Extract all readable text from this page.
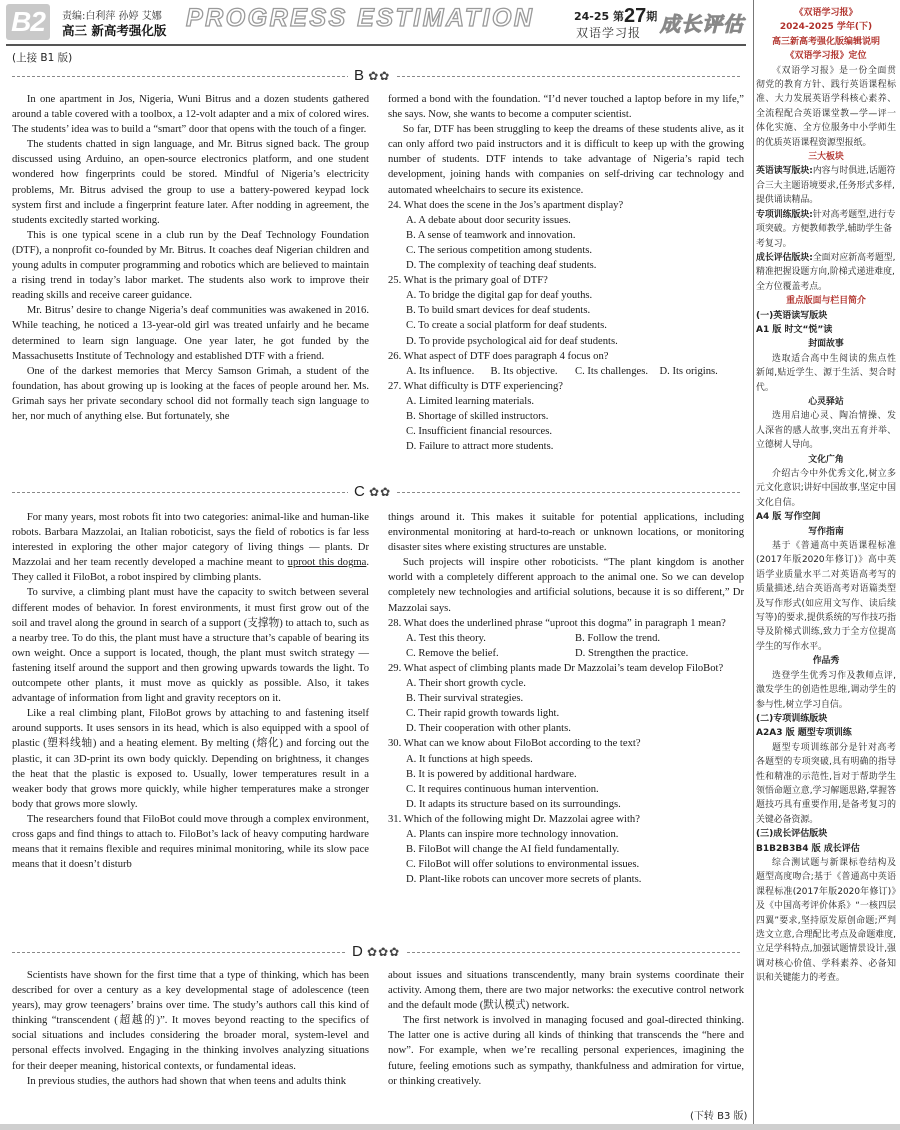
B2	责编:白利萍 孙婷 艾娜
高三 新高考强化版 PROGRESS ESTIMATION	24-25 第27期
双语学习报 成长评估
(上接 B1 版)
B ✿✿

In one apartment in Jos, Nigeria, Wuni Bitrus and a dozen students gathered around a table covered with a toolbox, a 12-volt adapter and a mix of colored wires. The students’ idea was to build a “smart” door that opens with the touch of a finger.

The students chatted in sign language, and Mr. Bitrus signed back. The group discussed using Arduino, an open-source electronics platform, and one student wondered how fingerprints could be stored. Mindful of Nigeria’s electricity problems, Mr. Bitrus advised the group to use a battery-powered keypad lock system first and include a fingerprint feature later. After nodding in agreement, the students excitedly started working.

This is one typical scene in a club run by the Deaf Technology Foundation (DTF), a nonprofit co-founded by Mr. Bitrus. It coaches deaf Nigerian children and young adults in computer programming and robotics which are believed to maintain a rising trend in today’s labor market. The students also work to improve their reading skills and receive career guidance.

Mr. Bitrus’ desire to change Nigeria’s deaf communities was awakened in 2016. While teaching, he noticed a 13-year-old girl was treated unfairly and he became determined to learn sign language. One year later, he got funded by the Massachusetts Institute of Technology and established DTF with a friend.

One of the darkest memories that Mercy Samson Grimah, a student of the foundation, has about growing up is looking at the faces of people around her. Ms. Grimah says her private secondary school did not formally teach sign language to her, nor much of anything else. But fortunately, she

formed a bond with the foundation. “I’d never touched a laptop before in my life,” she says. Now, she wants to become a computer scientist.

So far, DTF has been struggling to keep the dreams of these students alive, as it can only afford two paid instructors and it is difficult to keep up with the growing number of students. DTF intends to take advantage of Nigeria’s rapid tech development, joining hands with companies on self-driving car technology and automated wheelchairs to secure its existence.

24. What does the scene in the Jos’s apartment display?

A. A debate about door security issues.

B. A sense of teamwork and innovation.

C. The serious competition among students.

D. The complexity of teaching deaf students.

25. What is the primary goal of DTF?

A. To bridge the digital gap for deaf youths.

B. To build smart devices for deaf students.

C. To create a social platform for deaf students.

D. To provide psychological aid for deaf students.

26. What aspect of DTF does paragraph 4 focus on?

A. Its influence.	B. Its objective.	C. Its challenges.	D. Its origins.

27. What difficulty is DTF experiencing?

A. Limited learning materials.

B. Shortage of skilled instructors.

C. Insufficient financial resources.

D. Failure to attract more students.

C ✿✿

For many years, most robots fit into two categories: animal-like and human-like robots. Barbara Mazzolai, an Italian roboticist, says the field of robotics is far less interested in exploring the other major category of living things — plants. Dr Mazzolai and her team recently developed a machine meant to uproot this dogma. They called it FiloBot, a robot inspired by climbing plants.

To survive, a climbing plant must have the capacity to switch between several different modes of behavior. In forest environments, it must first grow out of the soil and travel along the ground in search of a support (支撑物) to attach to, such as a nearby tree. To do this, the plant must have a structure that’s capable of bearing its own weight. Once a support is located, though, the plant must switch strategy — fastening itself around the support and then growing upwards towards the light. To outcompete other plants, it must move as quickly as possible. Also, it takes advantage of information from light and gravity receptors on it.

Like a real climbing plant, FiloBot grows by attaching to and fastening itself around supports. It uses sensors in its head, which is also equipped with a spool of plastic (塑料线轴) and a heating element. By melting (熔化) and forcing out the plastic, it can 3D-print its own body quickly. Depending on brightness, it changes the heat that the plastic is exposed to. Usually, lower temperatures result in a weaker body that grows more quickly, while higher temperatures make a stronger body that grows more slowly.

The researchers found that FiloBot could move through a complex environment, cross gaps and find things to attach to. FiloBot’s lack of heavy computing hardware means that it remains flexible and requires minimal monitoring, while its slow pace means that it doesn’t disturb

things around it. This makes it suitable for potential applications, including environmental monitoring at hard-to-reach or unknown locations, or monitoring disaster sites where existing structures are unstable.

Such projects will inspire other roboticists. “The plant kingdom is another world with a completely different approach to the animal one. So we can develop completely new technologies and artificial solutions, because it is so different,” Dr Mazzolai says.

28. What does the underlined phrase “uproot this dogma” in paragraph 1 mean?

A. Test this theory.	B. Follow the trend.
C. Remove the belief.	D. Strengthen the practice.

29. What aspect of climbing plants made Dr Mazzolai’s team develop FiloBot?

A. Their short growth cycle.

B. Their survival strategies.

C. Their rapid growth towards light.

D. Their cooperation with other plants.

30. What can we know about FiloBot according to the text?

A. It functions at high speeds.

B. It is powered by additional hardware.

C. It requires continuous human intervention.

D. It adapts its structure based on its surroundings.

31. Which of the following might Dr. Mazzolai agree with?

A. Plants can inspire more technology innovation.

B. FiloBot will change the AI field fundamentally.

C. FiloBot will offer solutions to environmental issues.

D. Plant-like robots can uncover more secrets of plants.

D ✿✿✿

Scientists have shown for the first time that a type of thinking, which has been described for over a century as a key developmental stage of adolescence (teen years), may grow teenagers’ brains over time. The study’s authors call this kind of thinking “transcendent (超越的)”. It moves beyond reacting to the specifics of social situations and includes considering the broader moral, system-level and personal effects involved. Engaging in the thinking involves analyzing situations for their deeper meaning, historical contexts, or fundamental ideas.

In previous studies, the authors had shown that when teens and adults think

about issues and situations transcendently, many brain systems coordinate their activity. Among them, there are two major networks: the executive control network and the default mode (默认模式) network.

The first network is involved in managing focused and goal-directed thinking. The latter one is active during all kinds of thinking that transcends the “here and now”. For example, when we’re recalling personal experiences, imagining the future, feeling emotions such as sympathy, thankfulness and admiration for virtue, or thinking creatively.

(下转 B3 版)
《双语学习报》
2024-2025 学年(下)
高三新高考强化版编辑说明
《双语学习报》定位

《双语学习报》是一份全面贯彻党的教育方针、践行英语课程标准、大力发展英语学科核心素养、全流程配合英语课堂教—学—评一体化实施、全方位服务中小学师生的优质英语课程资源型报纸。

三大板块
英语读写版块:内容与时俱进,话题符合三大主题语境要求,任务形式多样,提供诵读精品。
专项训练版块:针对高考题型,进行专项突破。方便教师教学,辅助学生备考复习。
成长评估版块:全面对应新高考题型,精准把握设题方向,阶梯式递进难度,全方位覆盖考点。
重点版面与栏目简介
(一)英语读写版块
A1 版 时文“悦”读
封面故事

选取适合高中生阅读的焦点性新闻,贴近学生、源于生活、契合时代。

心灵驿站

选用启迪心灵、陶冶情操、发人深省的感人故事,突出五育并举、立德树人导向。

文化广角

介绍古今中外优秀文化,树立多元文化意识;讲好中国故事,坚定中国文化自信。

A4 版 写作空间
写作指南

基于《普通高中英语课程标准(2017年版2020年修订)》高中英语学业质量水平二对英语高考写的质量描述,结合英语高考对语篇类型及写作形式(如应用文写作、读后续写等)的要求,提供系统的写作技巧指导及阶梯式训练,致力于全方位提高学生的写作水平。

作品秀

选登学生优秀习作及教师点评,激发学生的创造性思维,调动学生的参与性,树立学习自信。

(二)专项训练版块
A2A3 版 题型专项训练

题型专项训练部分是针对高考各题型的专项突破,具有明确的指导性和精准的示范性,旨对于帮助学生领悟命题立意,学习解题思路,掌握答题技巧具有重要作用,是备考复习的关键必备资源。

(三)成长评估版块
B1B2B3B4 版 成长评估

综合测试题与新课标卷结构及题型高度吻合;基于《普通高中英语课程标准(2017年版2020年修订)》及《中国高考评价体系》“一核四层四翼”要求,坚持原发原创命题;严判选文立意,合理配比考点及命题难度,立足学科特点,加强试题情景设计,强调对核心价值、学科素养、必备知识和关键能力的考查。
